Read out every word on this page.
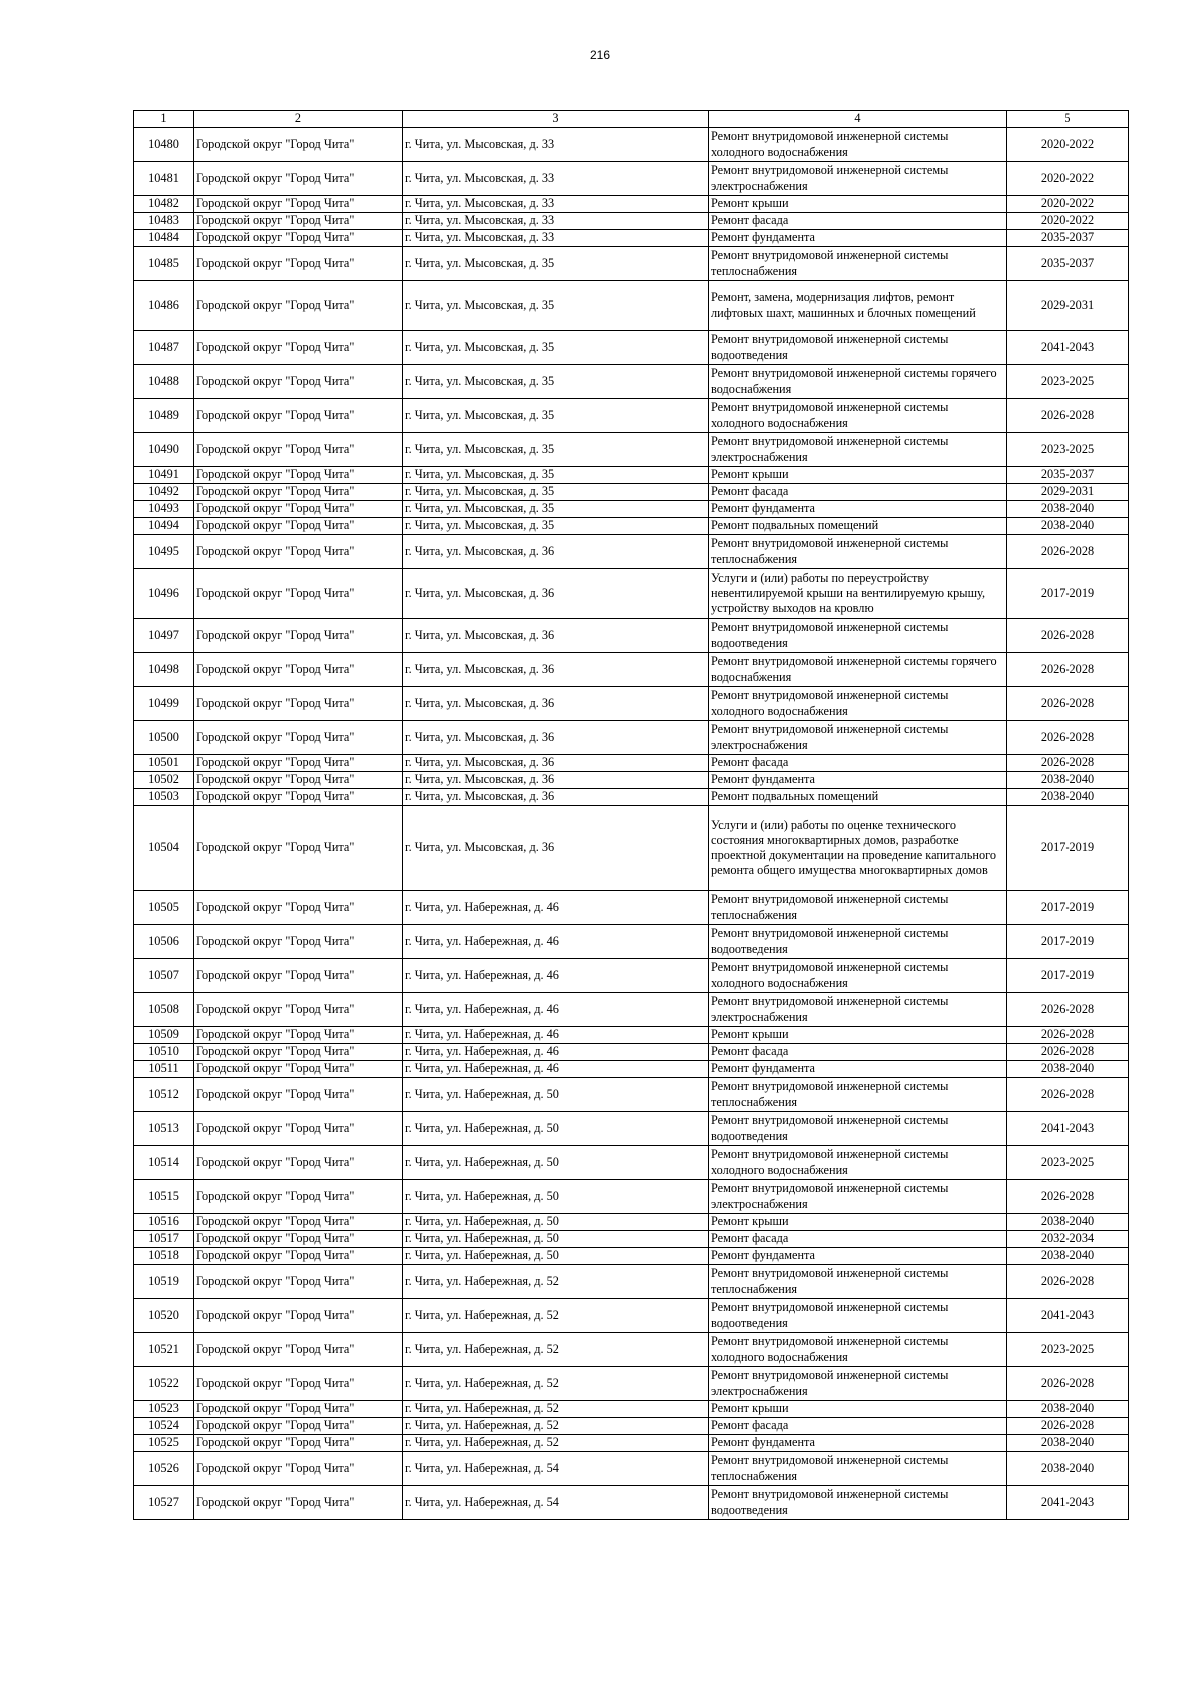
216
1	2	3	4	5
10480	Городской округ "Город Чита"	г. Чита, ул. Мысовская, д. 33	Ремонт внутридомовой инженерной системы холодного водоснабжения	2020-2022
10481	Городской округ "Город Чита"	г. Чита, ул. Мысовская, д. 33	Ремонт внутридомовой инженерной системы электроснабжения	2020-2022
10482	Городской округ "Город Чита"	г. Чита, ул. Мысовская, д. 33	Ремонт крыши	2020-2022
10483	Городской округ "Город Чита"	г. Чита, ул. Мысовская, д. 33	Ремонт фасада	2020-2022
10484	Городской округ "Город Чита"	г. Чита, ул. Мысовская, д. 33	Ремонт фундамента	2035-2037
10485	Городской округ "Город Чита"	г. Чита, ул. Мысовская, д. 35	Ремонт внутридомовой инженерной системы теплоснабжения	2035-2037
10486	Городской округ "Город Чита"	г. Чита, ул. Мысовская, д. 35	Ремонт, замена, модернизация лифтов, ремонт лифтовых шахт, машинных и блочных помещений	2029-2031
10487	Городской округ "Город Чита"	г. Чита, ул. Мысовская, д. 35	Ремонт внутридомовой инженерной системы водоотведения	2041-2043
10488	Городской округ "Город Чита"	г. Чита, ул. Мысовская, д. 35	Ремонт внутридомовой инженерной системы горячего водоснабжения	2023-2025
10489	Городской округ "Город Чита"	г. Чита, ул. Мысовская, д. 35	Ремонт внутридомовой инженерной системы холодного водоснабжения	2026-2028
10490	Городской округ "Город Чита"	г. Чита, ул. Мысовская, д. 35	Ремонт внутридомовой инженерной системы электроснабжения	2023-2025
10491	Городской округ "Город Чита"	г. Чита, ул. Мысовская, д. 35	Ремонт крыши	2035-2037
10492	Городской округ "Город Чита"	г. Чита, ул. Мысовская, д. 35	Ремонт фасада	2029-2031
10493	Городской округ "Город Чита"	г. Чита, ул. Мысовская, д. 35	Ремонт фундамента	2038-2040
10494	Городской округ "Город Чита"	г. Чита, ул. Мысовская, д. 35	Ремонт подвальных помещений	2038-2040
10495	Городской округ "Город Чита"	г. Чита, ул. Мысовская, д. 36	Ремонт внутридомовой инженерной системы теплоснабжения	2026-2028
10496	Городской округ "Город Чита"	г. Чита, ул. Мысовская, д. 36	Услуги и (или) работы по переустройству невентилируемой крыши на вентилируемую крышу, устройству выходов на кровлю	2017-2019
10497	Городской округ "Город Чита"	г. Чита, ул. Мысовская, д. 36	Ремонт внутридомовой инженерной системы водоотведения	2026-2028
10498	Городской округ "Город Чита"	г. Чита, ул. Мысовская, д. 36	Ремонт внутридомовой инженерной системы горячего водоснабжения	2026-2028
10499	Городской округ "Город Чита"	г. Чита, ул. Мысовская, д. 36	Ремонт внутридомовой инженерной системы холодного водоснабжения	2026-2028
10500	Городской округ "Город Чита"	г. Чита, ул. Мысовская, д. 36	Ремонт внутридомовой инженерной системы электроснабжения	2026-2028
10501	Городской округ "Город Чита"	г. Чита, ул. Мысовская, д. 36	Ремонт фасада	2026-2028
10502	Городской округ "Город Чита"	г. Чита, ул. Мысовская, д. 36	Ремонт фундамента	2038-2040
10503	Городской округ "Город Чита"	г. Чита, ул. Мысовская, д. 36	Ремонт подвальных помещений	2038-2040
10504	Городской округ "Город Чита"	г. Чита, ул. Мысовская, д. 36	Услуги и (или) работы по оценке технического состояния многоквартирных домов, разработке проектной документации на проведение капитального ремонта общего имущества многоквартирных домов	2017-2019
10505	Городской округ "Город Чита"	г. Чита, ул. Набережная, д. 46	Ремонт внутридомовой инженерной системы теплоснабжения	2017-2019
10506	Городской округ "Город Чита"	г. Чита, ул. Набережная, д. 46	Ремонт внутридомовой инженерной системы водоотведения	2017-2019
10507	Городской округ "Город Чита"	г. Чита, ул. Набережная, д. 46	Ремонт внутридомовой инженерной системы холодного водоснабжения	2017-2019
10508	Городской округ "Город Чита"	г. Чита, ул. Набережная, д. 46	Ремонт внутридомовой инженерной системы электроснабжения	2026-2028
10509	Городской округ "Город Чита"	г. Чита, ул. Набережная, д. 46	Ремонт крыши	2026-2028
10510	Городской округ "Город Чита"	г. Чита, ул. Набережная, д. 46	Ремонт фасада	2026-2028
10511	Городской округ "Город Чита"	г. Чита, ул. Набережная, д. 46	Ремонт фундамента	2038-2040
10512	Городской округ "Город Чита"	г. Чита, ул. Набережная, д. 50	Ремонт внутридомовой инженерной системы теплоснабжения	2026-2028
10513	Городской округ "Город Чита"	г. Чита, ул. Набережная, д. 50	Ремонт внутридомовой инженерной системы водоотведения	2041-2043
10514	Городской округ "Город Чита"	г. Чита, ул. Набережная, д. 50	Ремонт внутридомовой инженерной системы холодного водоснабжения	2023-2025
10515	Городской округ "Город Чита"	г. Чита, ул. Набережная, д. 50	Ремонт внутридомовой инженерной системы электроснабжения	2026-2028
10516	Городской округ "Город Чита"	г. Чита, ул. Набережная, д. 50	Ремонт крыши	2038-2040
10517	Городской округ "Город Чита"	г. Чита, ул. Набережная, д. 50	Ремонт фасада	2032-2034
10518	Городской округ "Город Чита"	г. Чита, ул. Набережная, д. 50	Ремонт фундамента	2038-2040
10519	Городской округ "Город Чита"	г. Чита, ул. Набережная, д. 52	Ремонт внутридомовой инженерной системы теплоснабжения	2026-2028
10520	Городской округ "Город Чита"	г. Чита, ул. Набережная, д. 52	Ремонт внутридомовой инженерной системы водоотведения	2041-2043
10521	Городской округ "Город Чита"	г. Чита, ул. Набережная, д. 52	Ремонт внутридомовой инженерной системы холодного водоснабжения	2023-2025
10522	Городской округ "Город Чита"	г. Чита, ул. Набережная, д. 52	Ремонт внутридомовой инженерной системы электроснабжения	2026-2028
10523	Городской округ "Город Чита"	г. Чита, ул. Набережная, д. 52	Ремонт крыши	2038-2040
10524	Городской округ "Город Чита"	г. Чита, ул. Набережная, д. 52	Ремонт фасада	2026-2028
10525	Городской округ "Город Чита"	г. Чита, ул. Набережная, д. 52	Ремонт фундамента	2038-2040
10526	Городской округ "Город Чита"	г. Чита, ул. Набережная, д. 54	Ремонт внутридомовой инженерной системы теплоснабжения	2038-2040
10527	Городской округ "Город Чита"	г. Чита, ул. Набережная, д. 54	Ремонт внутридомовой инженерной системы водоотведения	2041-2043
